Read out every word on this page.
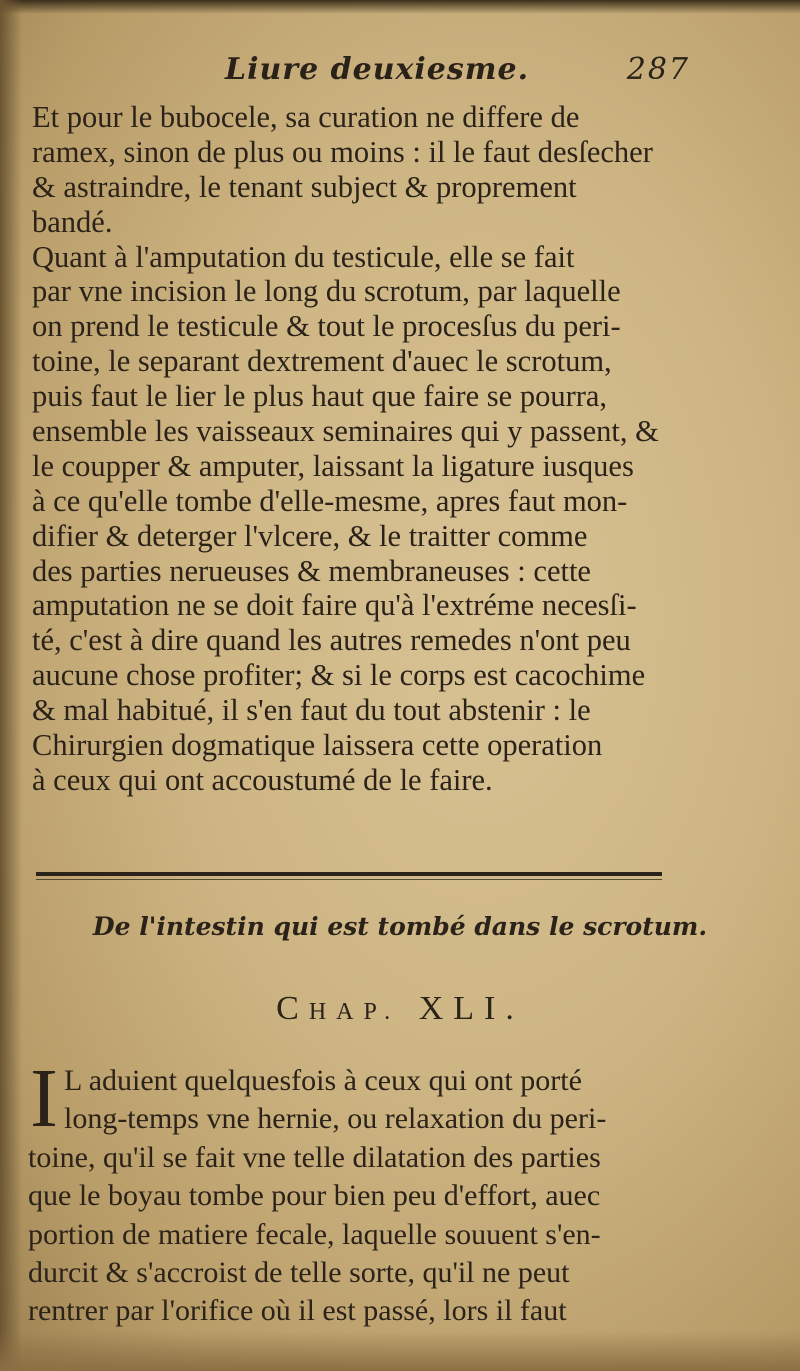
Liure deuxiesme.	287
Et pour le bubocele, sa curation ne differe de
ramex, sinon de plus ou moins : il le faut desſecher
& astraindre, le tenant subject & proprement
bandé.
Quant à l'amputation du testicule, elle se fait
par vne incision le long du scrotum, par laquelle
on prend le testicule & tout le procesſus du peri-
toine, le separant dextrement d'auec le scrotum,
puis faut le lier le plus haut que faire se pourra,
ensemble les vaisseaux seminaires qui y passent, &
le coupper & amputer, laissant la ligature iusques
à ce qu'elle tombe d'elle-mesme, apres faut mon-
difier & deterger l'vlcere, & le traitter comme
des parties nerueuses & membraneuses : cette
amputation ne se doit faire qu'à l'extréme necesſi-
té, c'est à dire quand les autres remedes n'ont peu
aucune chose profiter; & si le corps est cacochime
& mal habitué, il s'en faut du tout abstenir : le
Chirurgien dogmatique laissera cette operation
à ceux qui ont accoustumé de le faire.
De l'intestin qui est tombé dans le scrotum.
CHAP. XLI.
I L aduient quelquesfois à ceux qui ont porté
long-temps vne hernie, ou relaxation du peri-
toine, qu'il se fait vne telle dilatation des parties
que le boyau tombe pour bien peu d'effort, auec
portion de matiere fecale, laquelle souuent s'en-
durcit & s'accroist de telle sorte, qu'il ne peut
rentrer par l'orifice où il est passé, lors il faut
